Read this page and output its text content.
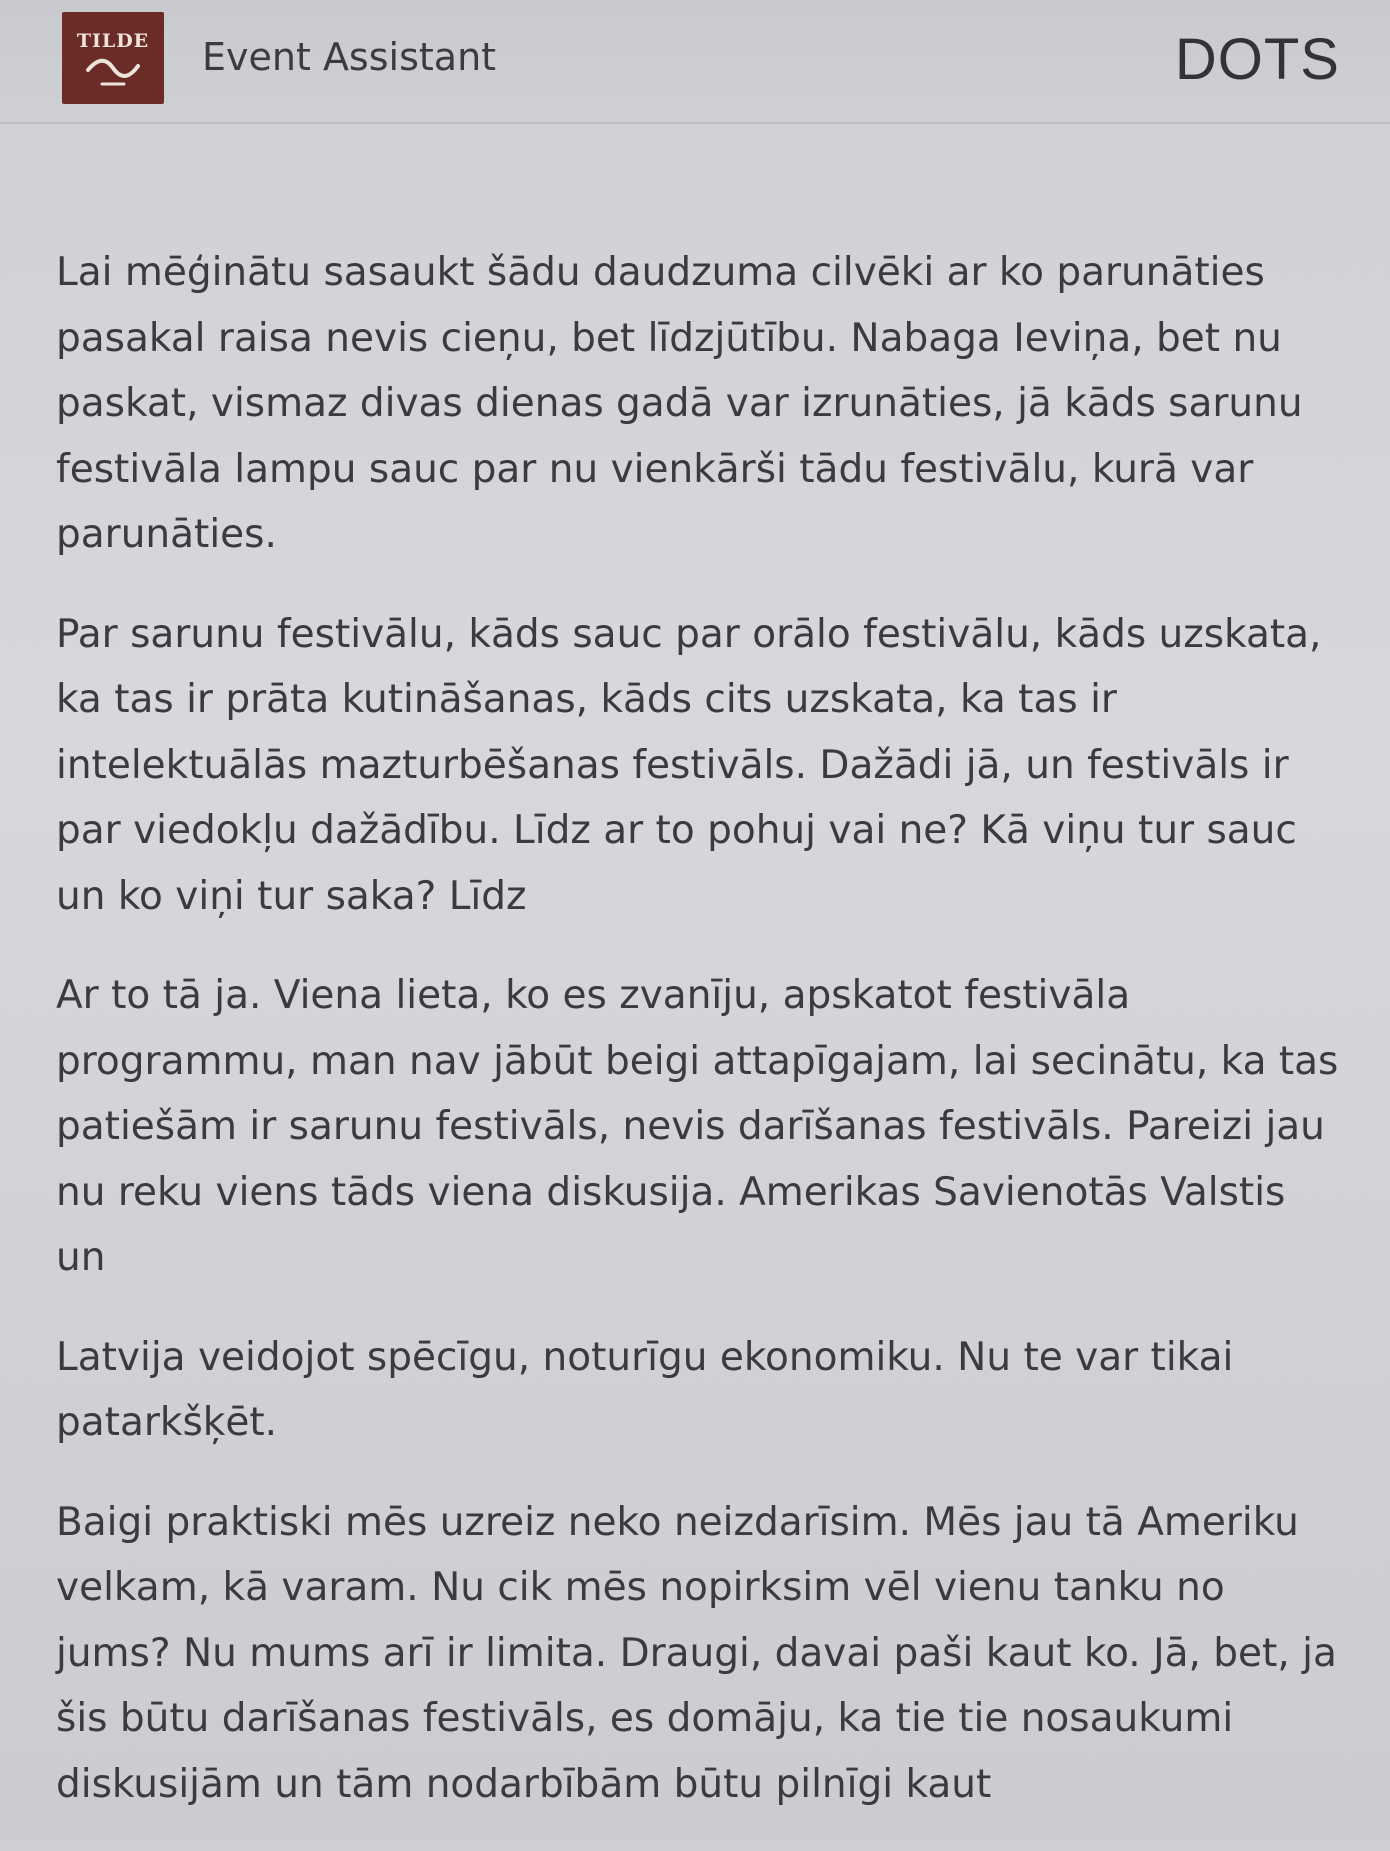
TILDE	Event Assistant	DOTS

Lai mēģinātu sasaukt šādu daudzuma cilvēki ar ko parunāties pasakal raisa nevis cieņu, bet līdzjūtību. Nabaga Ieviņa, bet nu paskat, vismaz divas dienas gadā var izrunāties, jā kāds sarunu festivāla lampu sauc par nu vienkārši tādu festivālu, kurā var parunāties.

Par sarunu festivālu, kāds sauc par orālo festivālu, kāds uzskata, ka tas ir prāta kutināšanas, kāds cits uzskata, ka tas ir intelektuālās mazturbēšanas festivāls. Dažādi jā, un festivāls ir par viedokļu dažādību. Līdz ar to pohuj vai ne? Kā viņu tur sauc un ko viņi tur saka? Līdz

Ar to tā ja. Viena lieta, ko es zvanīju, apskatot festivāla programmu, man nav jābūt beigi attapīgajam, lai secinātu, ka tas patiešām ir sarunu festivāls, nevis darīšanas festivāls. Pareizi jau nu reku viens tāds viena diskusija. Amerikas Savienotās Valstis un

Latvija veidojot spēcīgu, noturīgu ekonomiku. Nu te var tikai patarkšķēt.

Baigi praktiski mēs uzreiz neko neizdarīsim. Mēs jau tā Ameriku velkam, kā varam. Nu cik mēs nopirksim vēl vienu tanku no jums? Nu mums arī ir limita. Draugi, davai paši kaut ko. Jā, bet, ja šis būtu darīšanas festivāls, es domāju, ka tie tie nosaukumi diskusijām un tām nodarbībām būtu pilnīgi kaut
